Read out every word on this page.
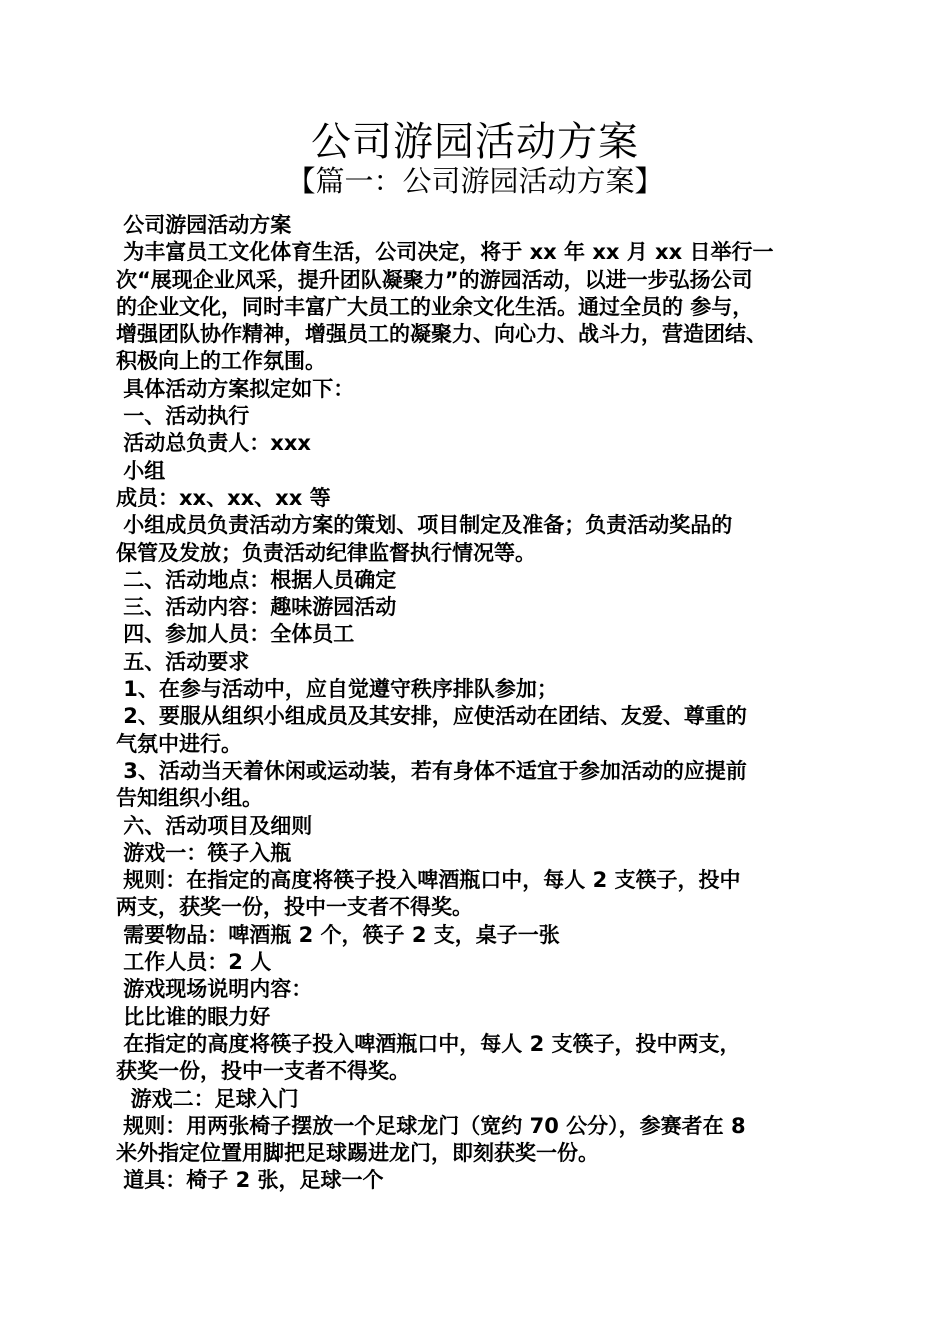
公司游园活动方案
【篇一：公司游园活动方案】
公司游园活动方案
为丰富员工文化体育生活，公司决定，将于 xx 年 xx 月 xx 日举行一
次“展现企业风采，提升团队凝聚力”的游园活动，以进一步弘扬公司
的企业文化，同时丰富广大员工的业余文化生活。通过全员的 参与，
增强团队协作精神，增强员工的凝聚力、向心力、战斗力，营造团结、
积极向上的工作氛围。
具体活动方案拟定如下：
一、活动执行
活动总负责人：xxx
小组
成员：xx、xx、xx 等
小组成员负责活动方案的策划、项目制定及准备；负责活动奖品的
保管及发放；负责活动纪律监督执行情况等。
二、活动地点：根据人员确定
三、活动内容：趣味游园活动
四、参加人员：全体员工
五、活动要求
1、在参与活动中，应自觉遵守秩序排队参加；
2、要服从组织小组成员及其安排，应使活动在团结、友爱、尊重的
气氛中进行。
3、活动当天着休闲或运动装，若有身体不适宜于参加活动的应提前
告知组织小组。
六、活动项目及细则
游戏一：筷子入瓶
规则：在指定的高度将筷子投入啤酒瓶口中，每人 2 支筷子，投中
两支，获奖一份，投中一支者不得奖。
需要物品：啤酒瓶 2 个，筷子 2 支，桌子一张
工作人员：2 人
游戏现场说明内容：
比比谁的眼力好
在指定的高度将筷子投入啤酒瓶口中，每人 2 支筷子，投中两支，
获奖一份，投中一支者不得奖。
游戏二：足球入门
规则：用两张椅子摆放一个足球龙门（宽约 70 公分），参赛者在 8
米外指定位置用脚把足球踢进龙门，即刻获奖一份。
道具：椅子 2 张，足球一个
